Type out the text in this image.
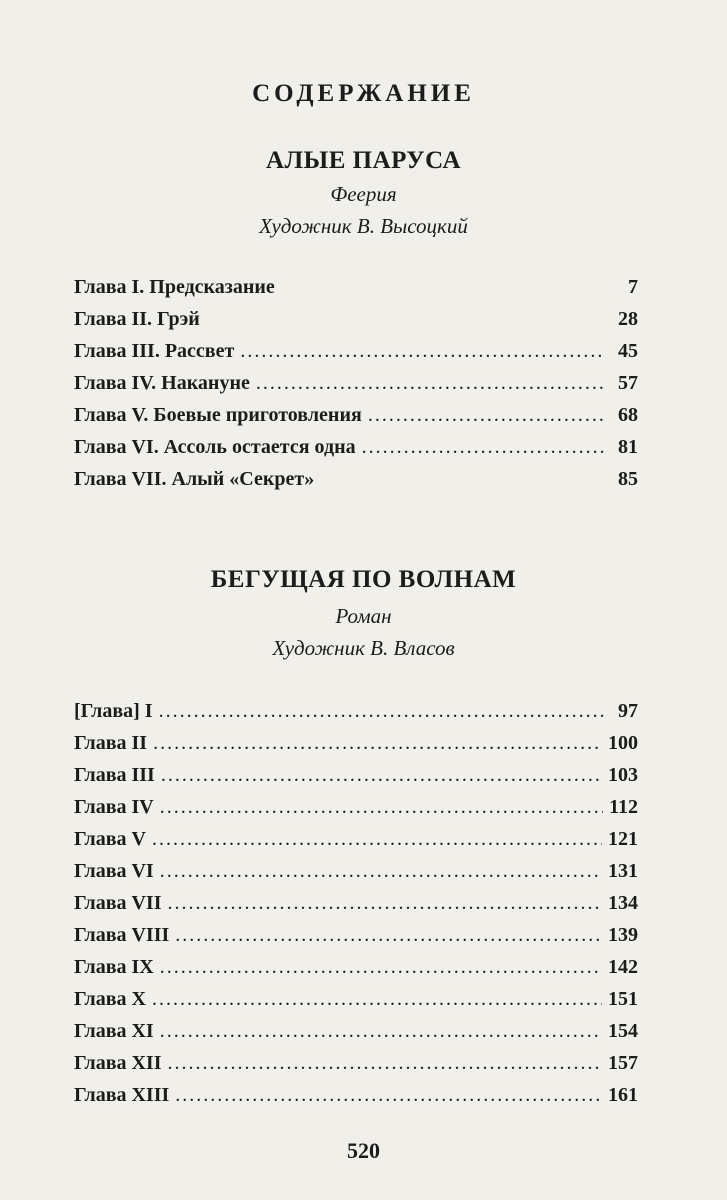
СОДЕРЖАНИЕ
АЛЫЕ ПАРУСА
Феерия
Художник В. Высоцкий
Глава I. Предсказание	7
Глава II. Грэй	28
Глава III. Рассвет .....	45
Глава IV. Накануне .....	57
Глава V. Боевые приготовления .....	68
Глава VI. Ассоль остается одна .....	81
Глава VII. Алый «Секрет»	85
БЕГУЩАЯ ПО ВОЛНАМ
Роман
Художник В. Власов
[Глава] I .....	97
Глава II .....	100
Глава III .....	103
Глава IV .....	112
Глава V .....	121
Глава VI .....	131
Глава VII .....	134
Глава VIII .....	139
Глава IX .....	142
Глава X .....	151
Глава XI .....	154
Глава XII .....	157
Глава XIII .....	161
520
